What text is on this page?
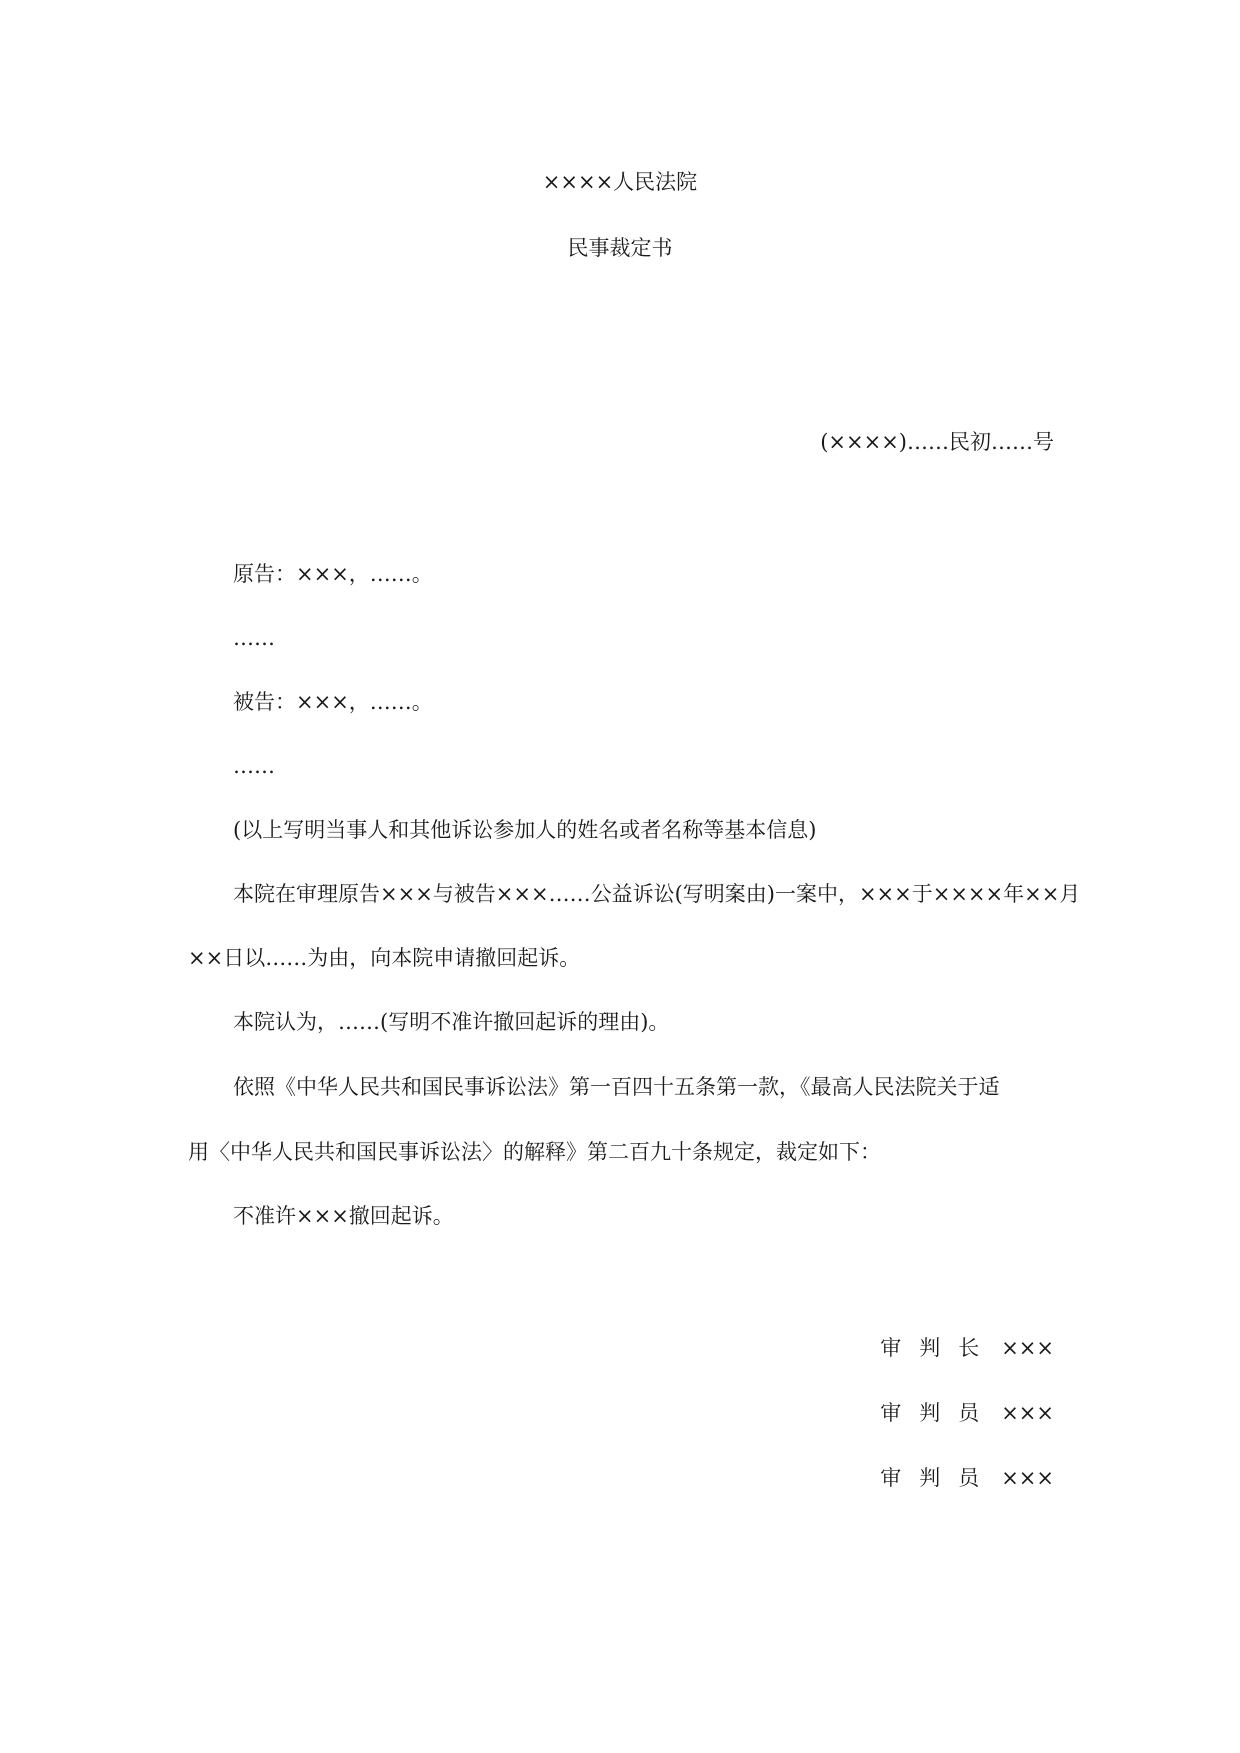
××××人民法院
民事裁定书
(××××)……民初……号
原告：×××，……。
……
被告：×××，……。
……
(以上写明当事人和其他诉讼参加人的姓名或者名称等基本信息)
本院在审理原告×××与被告×××……公益诉讼(写明案由)一案中，×××于××××年××月
××日以……为由，向本院申请撤回起诉。
本院认为，……(写明不准许撤回起诉的理由)。
依照《中华人民共和国民事诉讼法》第一百四十五条第一款，《最高人民法院关于适
用〈中华人民共和国民事诉讼法〉的解释》第二百九十条规定，裁定如下：
不准许×××撤回起诉。
审判长 ×××
审判员 ×××
审判员 ×××
